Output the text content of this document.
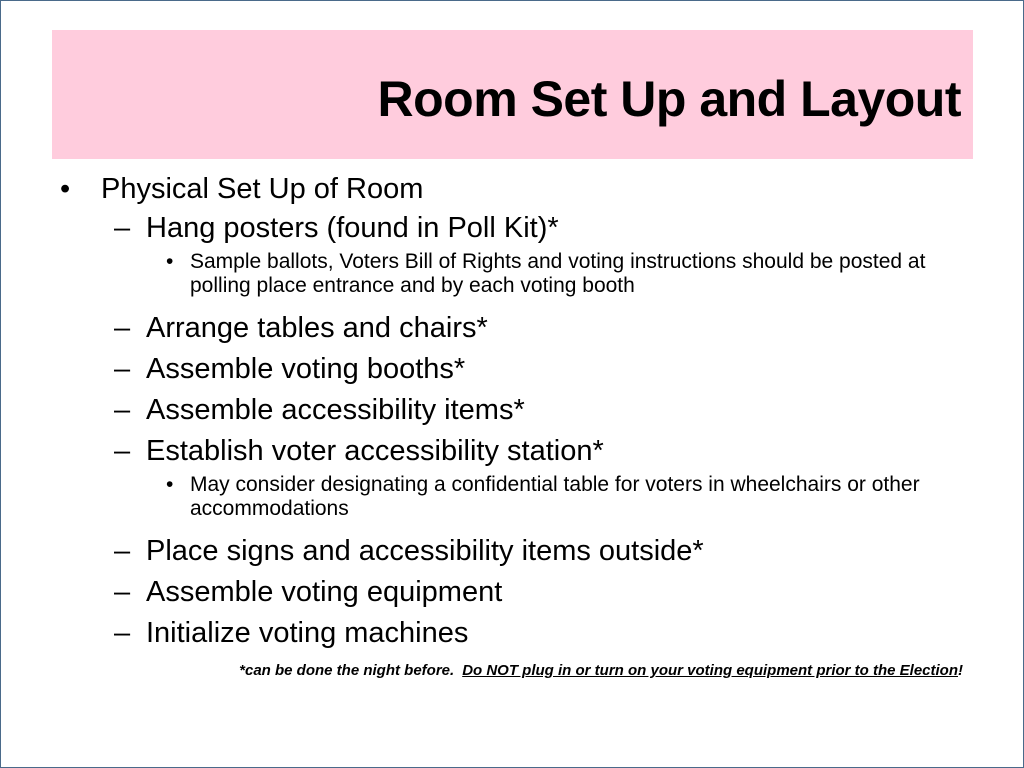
Room Set Up and Layout
• Physical Set Up of Room
– Hang posters (found in Poll Kit)*
• Sample ballots, Voters Bill of Rights and voting instructions should be posted at polling place entrance and by each voting booth
– Arrange tables and chairs*
– Assemble voting booths*
– Assemble accessibility items*
– Establish voter accessibility station*
• May consider designating a confidential table for voters in wheelchairs or other accommodations
– Place signs and accessibility items outside*
– Assemble voting equipment
– Initialize voting machines
*can be done the night before. Do NOT plug in or turn on your voting equipment prior to the Election!
